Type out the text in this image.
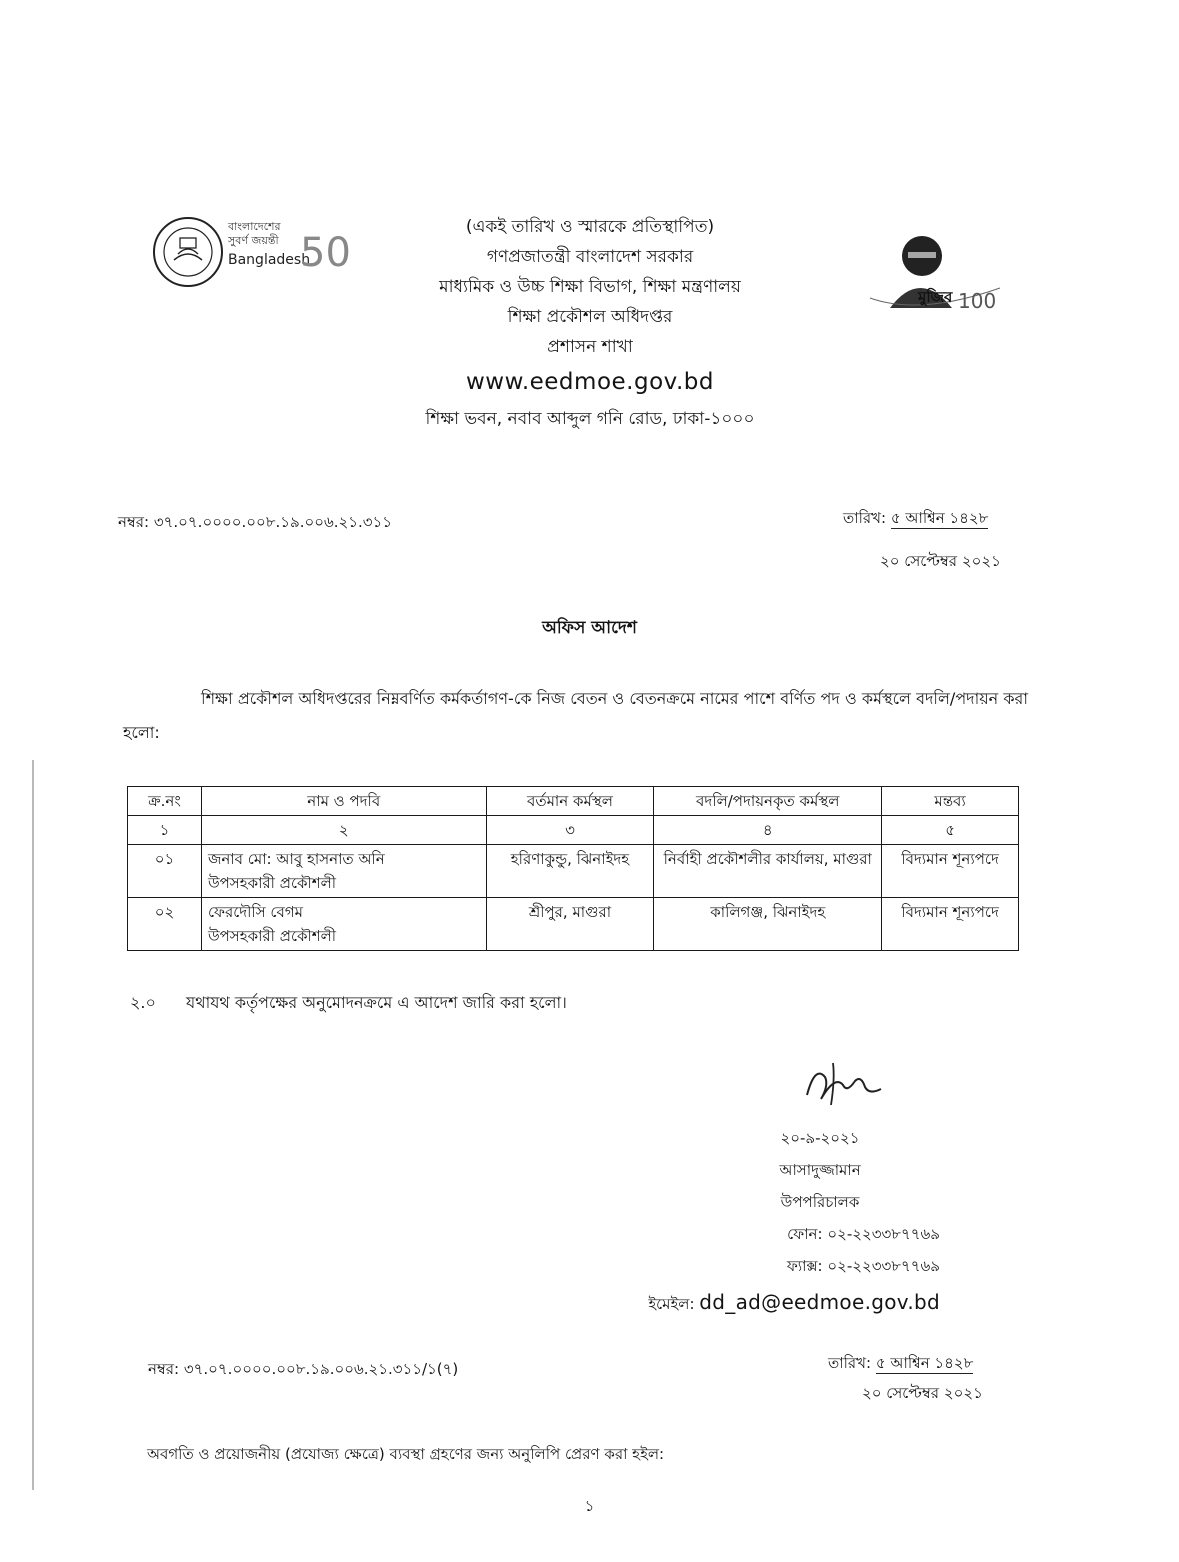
বাংলাদেশের
সুবর্ণ জয়ন্তী
Bangladesh
50
মুজিব 100
(একই তারিখ ও স্মারকে প্রতিস্থাপিত)
গণপ্রজাতন্ত্রী বাংলাদেশ সরকার
মাধ্যমিক ও উচ্চ শিক্ষা বিভাগ, শিক্ষা মন্ত্রণালয়
শিক্ষা প্রকৌশল অধিদপ্তর
প্রশাসন শাখা
www.eedmoe.gov.bd
শিক্ষা ভবন, নবাব আব্দুল গনি রোড, ঢাকা-১০০০
নম্বর: ৩৭.০৭.০০০০.০০৮.১৯.০০৬.২১.৩১১	তারিখ: ৫ আশ্বিন ১৪২৮
২০ সেপ্টেম্বর ২০২১
অফিস আদেশ
শিক্ষা প্রকৌশল অধিদপ্তরের নিম্নবর্ণিত কর্মকর্তাগণ-কে নিজ বেতন ও বেতনক্রমে নামের পাশে বর্ণিত পদ ও কর্মস্থলে বদলি/পদায়ন করা হলো:
ক্র.নং	নাম ও পদবি	বর্তমান কর্মস্থল	বদলি/পদায়নকৃত কর্মস্থল	মন্তব্য
১	২	৩	৪	৫
০১	জনাব মো: আবু হাসনাত অনি
উপসহকারী প্রকৌশলী	হরিণাকুন্ডু, ঝিনাইদহ	নির্বাহী প্রকৌশলীর কার্যালয়, মাগুরা	বিদ্যমান শূন্যপদে
০২	ফেরদৌসি বেগম
উপসহকারী প্রকৌশলী	শ্রীপুর, মাগুরা	কালিগঞ্জ, ঝিনাইদহ	বিদ্যমান শূন্যপদে
২.০ যথাযথ কর্তৃপক্ষের অনুমোদনক্রমে এ আদেশ জারি করা হলো।
২০-৯-২০২১
আসাদুজ্জামান
উপপরিচালক
ফোন: ০২-২২৩৩৮৭৭৬৯
ফ্যাক্স: ০২-২২৩৩৮৭৭৬৯
ইমেইল: dd_ad@eedmoe.gov.bd
নম্বর: ৩৭.০৭.০০০০.০০৮.১৯.০০৬.২১.৩১১/১(৭)	তারিখ: ৫ আশ্বিন ১৪২৮
২০ সেপ্টেম্বর ২০২১
অবগতি ও প্রয়োজনীয় (প্রযোজ্য ক্ষেত্রে) ব্যবস্থা গ্রহণের জন্য অনুলিপি প্রেরণ করা হইল:
১
